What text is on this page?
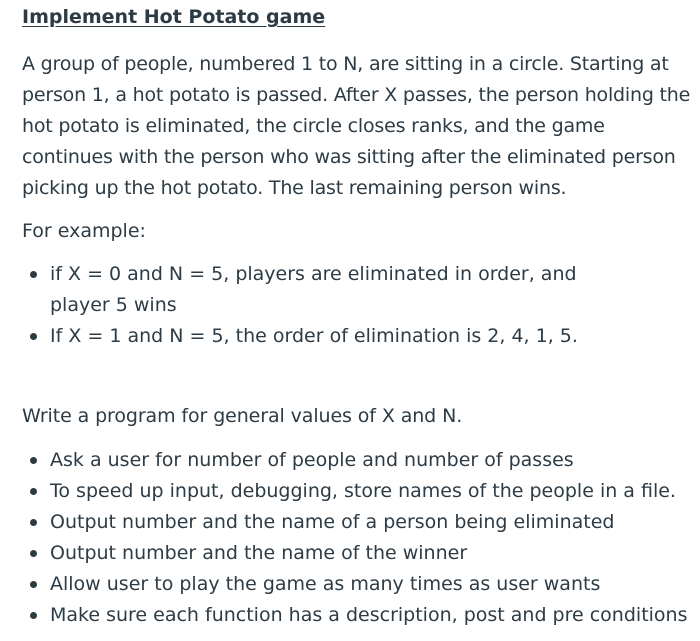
Implement Hot Potato game

A group of people, numbered 1 to N, are sitting in a circle. Starting at person 1, a hot potato is passed. After X passes, the person holding the hot potato is eliminated, the circle closes ranks, and the game continues with the person who was sitting after the eliminated person picking up the hot potato. The last remaining person wins.

For example:

if X = 0 and N = 5, players are eliminated in order, and player 5 wins
If X = 1 and N = 5, the order of elimination is 2, 4, 1, 5.

Write a program for general values of X and N.

Ask a user for number of people and number of passes
To speed up input, debugging, store names of the people in a file.
Output number and the name of a person being eliminated
Output number and the name of the winner
Allow user to play the game as many times as user wants
Make sure each function has a description, post and pre conditions
